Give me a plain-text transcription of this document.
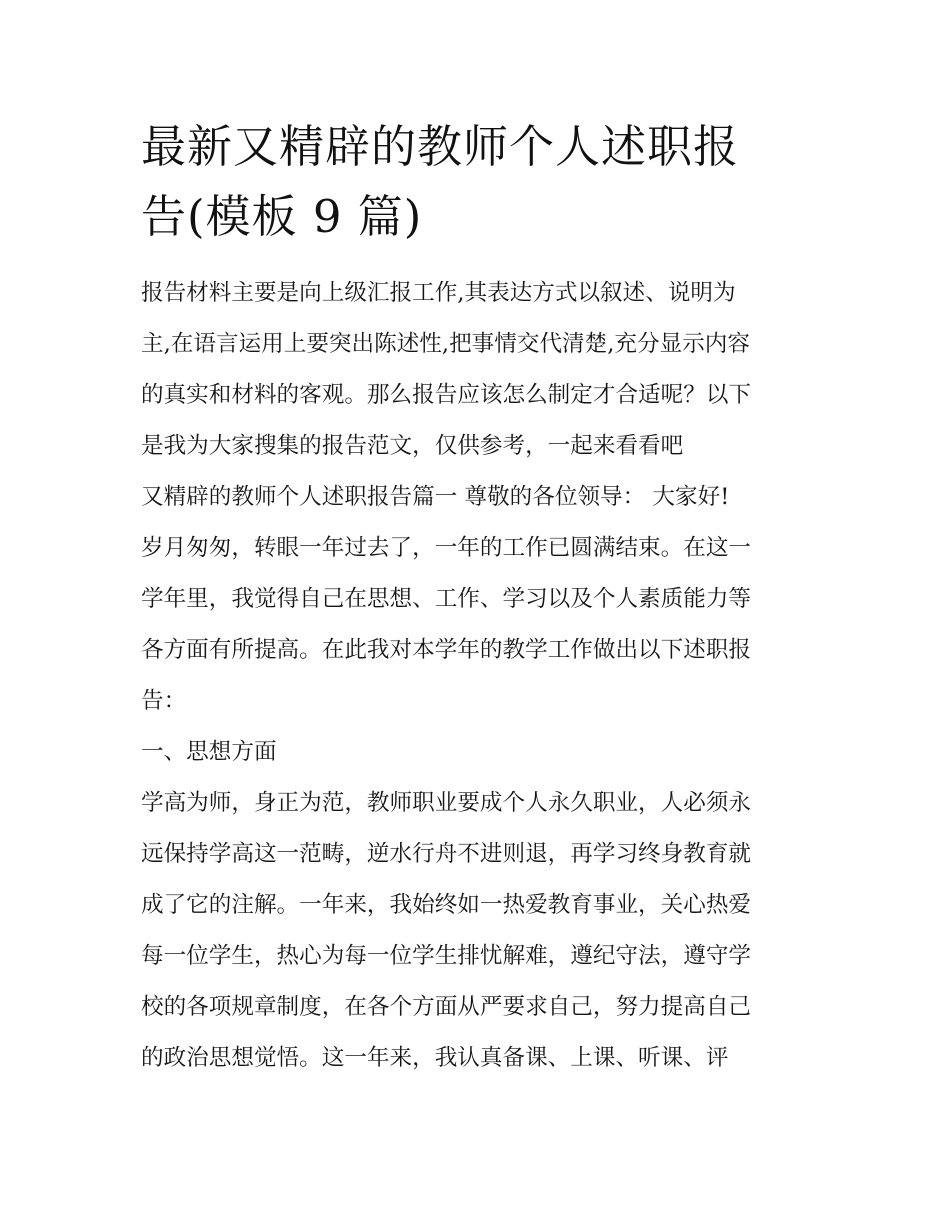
最新又精辟的教师个人述职报
告(模板 9 篇)

报告材料主要是向上级汇报工作,其表达方式以叙述、说明为
主,在语言运用上要突出陈述性,把事情交代清楚,充分显示内容
的真实和材料的客观。那么报告应该怎么制定才合适呢？以下
是我为大家搜集的报告范文，仅供参考，一起来看看吧

又精辟的教师个人述职报告篇一 尊敬的各位领导： 大家好!

岁月匆匆，转眼一年过去了，一年的工作已圆满结束。在这一
学年里，我觉得自己在思想、工作、学习以及个人素质能力等
各方面有所提高。在此我对本学年的教学工作做出以下述职报
告：

一、思想方面

学高为师，身正为范，教师职业要成个人永久职业，人必须永
远保持学高这一范畴，逆水行舟不进则退，再学习终身教育就
成了它的注解。一年来，我始终如一热爱教育事业，关心热爱
每一位学生，热心为每一位学生排忧解难，遵纪守法，遵守学
校的各项规章制度，在各个方面从严要求自己，努力提高自己
的政治思想觉悟。这一年来，我认真备课、上课、听课、评
